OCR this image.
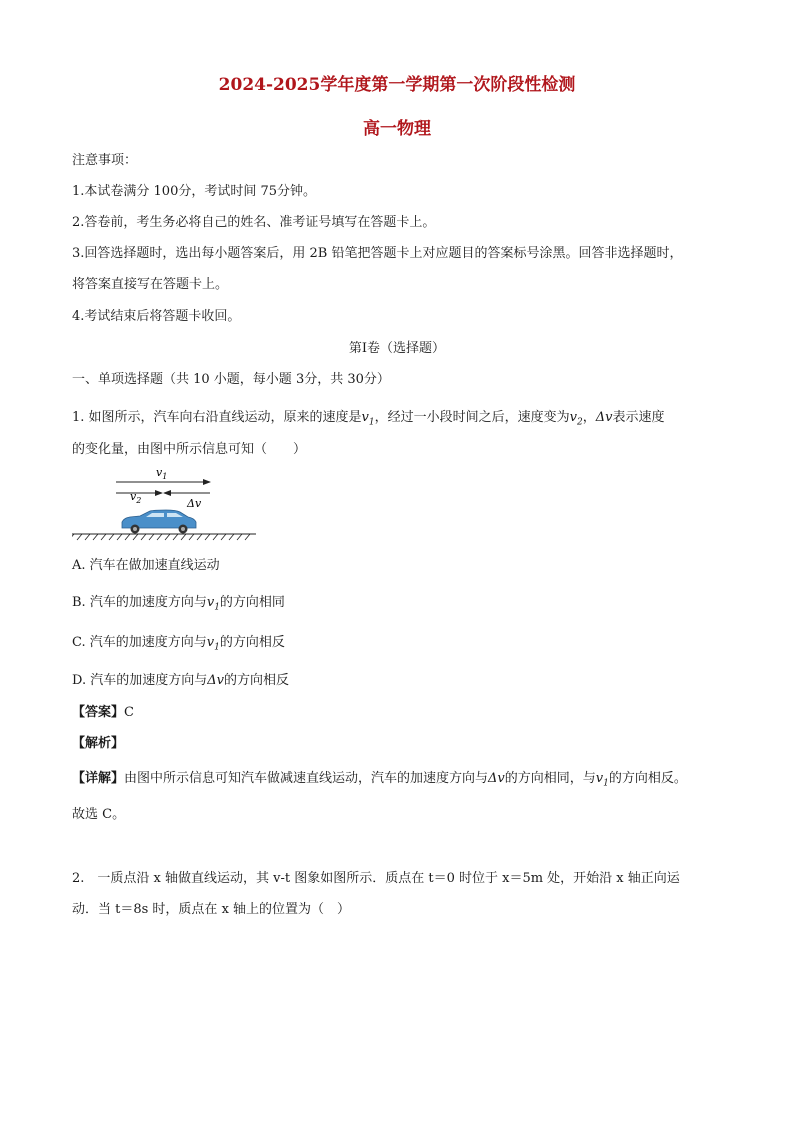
2024-2025学年度第一学期第一次阶段性检测
高一物理
注意事项：
1.本试卷满分 100分，考试时间 75分钟。
2.答卷前，考生务必将自己的姓名、准考证号填写在答题卡上。
3.回答选择题时，选出每小题答案后，用 2B 铅笔把答题卡上对应题目的答案标号涂黑。回答非选择题时，
将答案直接写在答题卡上。
4.考试结束后将答题卡收回。
第Ⅰ卷（选择题）
一、单项选择题（共 10 小题，每小题 3分，共 30分）
1. 如图所示，汽车向右沿直线运动，原来的速度是$v_1$，经过一小段时间之后，速度变为$v_2$，Δv表示速度
的变化量，由图中所示信息可知（　　）
$v_1$
$v_2$	Δv
A. 汽车在做加速直线运动
B. 汽车的加速度方向与$v_1$的方向相同
C. 汽车的加速度方向与$v_1$的方向相反
D. 汽车的加速度方向与Δv的方向相反
【答案】C
【解析】
【详解】由图中所示信息可知汽车做减速直线运动，汽车的加速度方向与Δv的方向相同，与$v_1$的方向相反。
故选 C。
2.　一质点沿 x 轴做直线运动，其 v-t 图象如图所示．质点在 t＝0 时位于 x＝5m 处，开始沿 x 轴正向运
动．当 t＝8s 时，质点在 x 轴上的位置为（　）
